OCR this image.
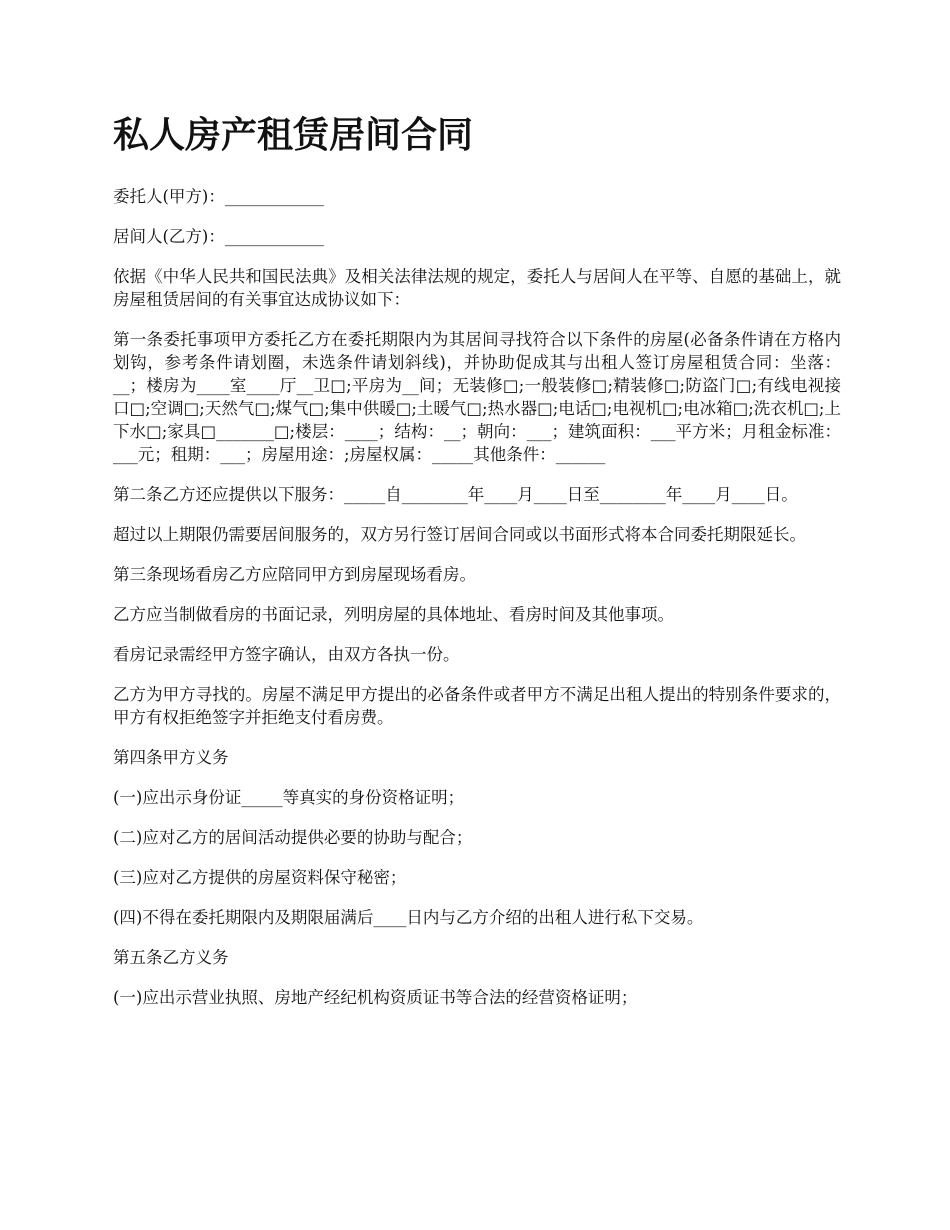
私人房产租赁居间合同

委托人(甲方)：____________

居间人(乙方)：____________

依据《中华人民共和国民法典》及相关法律法规的规定，委托人与居间人在平等、自愿的基础上，就房屋租赁居间的有关事宜达成协议如下：

第一条委托事项甲方委托乙方在委托期限内为其居间寻找符合以下条件的房屋(必备条件请在方格内划钩，参考条件请划圈，未选条件请划斜线)，并协助促成其与出租人签订房屋租赁合同：坐落：__；楼房为____室____厅__卫□;平房为__间；无装修□;一般装修□;精装修□;防盗门□;有线电视接口□;空调□;天然气□;煤气□;集中供暖□;土暖气□;热水器□;电话□;电视机□;电冰箱□;洗衣机□;上下水□;家具□_______□;楼层：____；结构：__；朝向：___；建筑面积：___平方米；月租金标准：___元；租期：___；房屋用途：;房屋权属：_____其他条件：______

第二条乙方还应提供以下服务：_____自________年____月____日至________年____月____日。

超过以上期限仍需要居间服务的，双方另行签订居间合同或以书面形式将本合同委托期限延长。

第三条现场看房乙方应陪同甲方到房屋现场看房。

乙方应当制做看房的书面记录，列明房屋的具体地址、看房时间及其他事项。

看房记录需经甲方签字确认，由双方各执一份。

乙方为甲方寻找的。房屋不满足甲方提出的必备条件或者甲方不满足出租人提出的特别条件要求的，甲方有权拒绝签字并拒绝支付看房费。

第四条甲方义务

(一)应出示身份证_____等真实的身份资格证明；

(二)应对乙方的居间活动提供必要的协助与配合；

(三)应对乙方提供的房屋资料保守秘密；

(四)不得在委托期限内及期限届满后____日内与乙方介绍的出租人进行私下交易。

第五条乙方义务

(一)应出示营业执照、房地产经纪机构资质证书等合法的经营资格证明；
